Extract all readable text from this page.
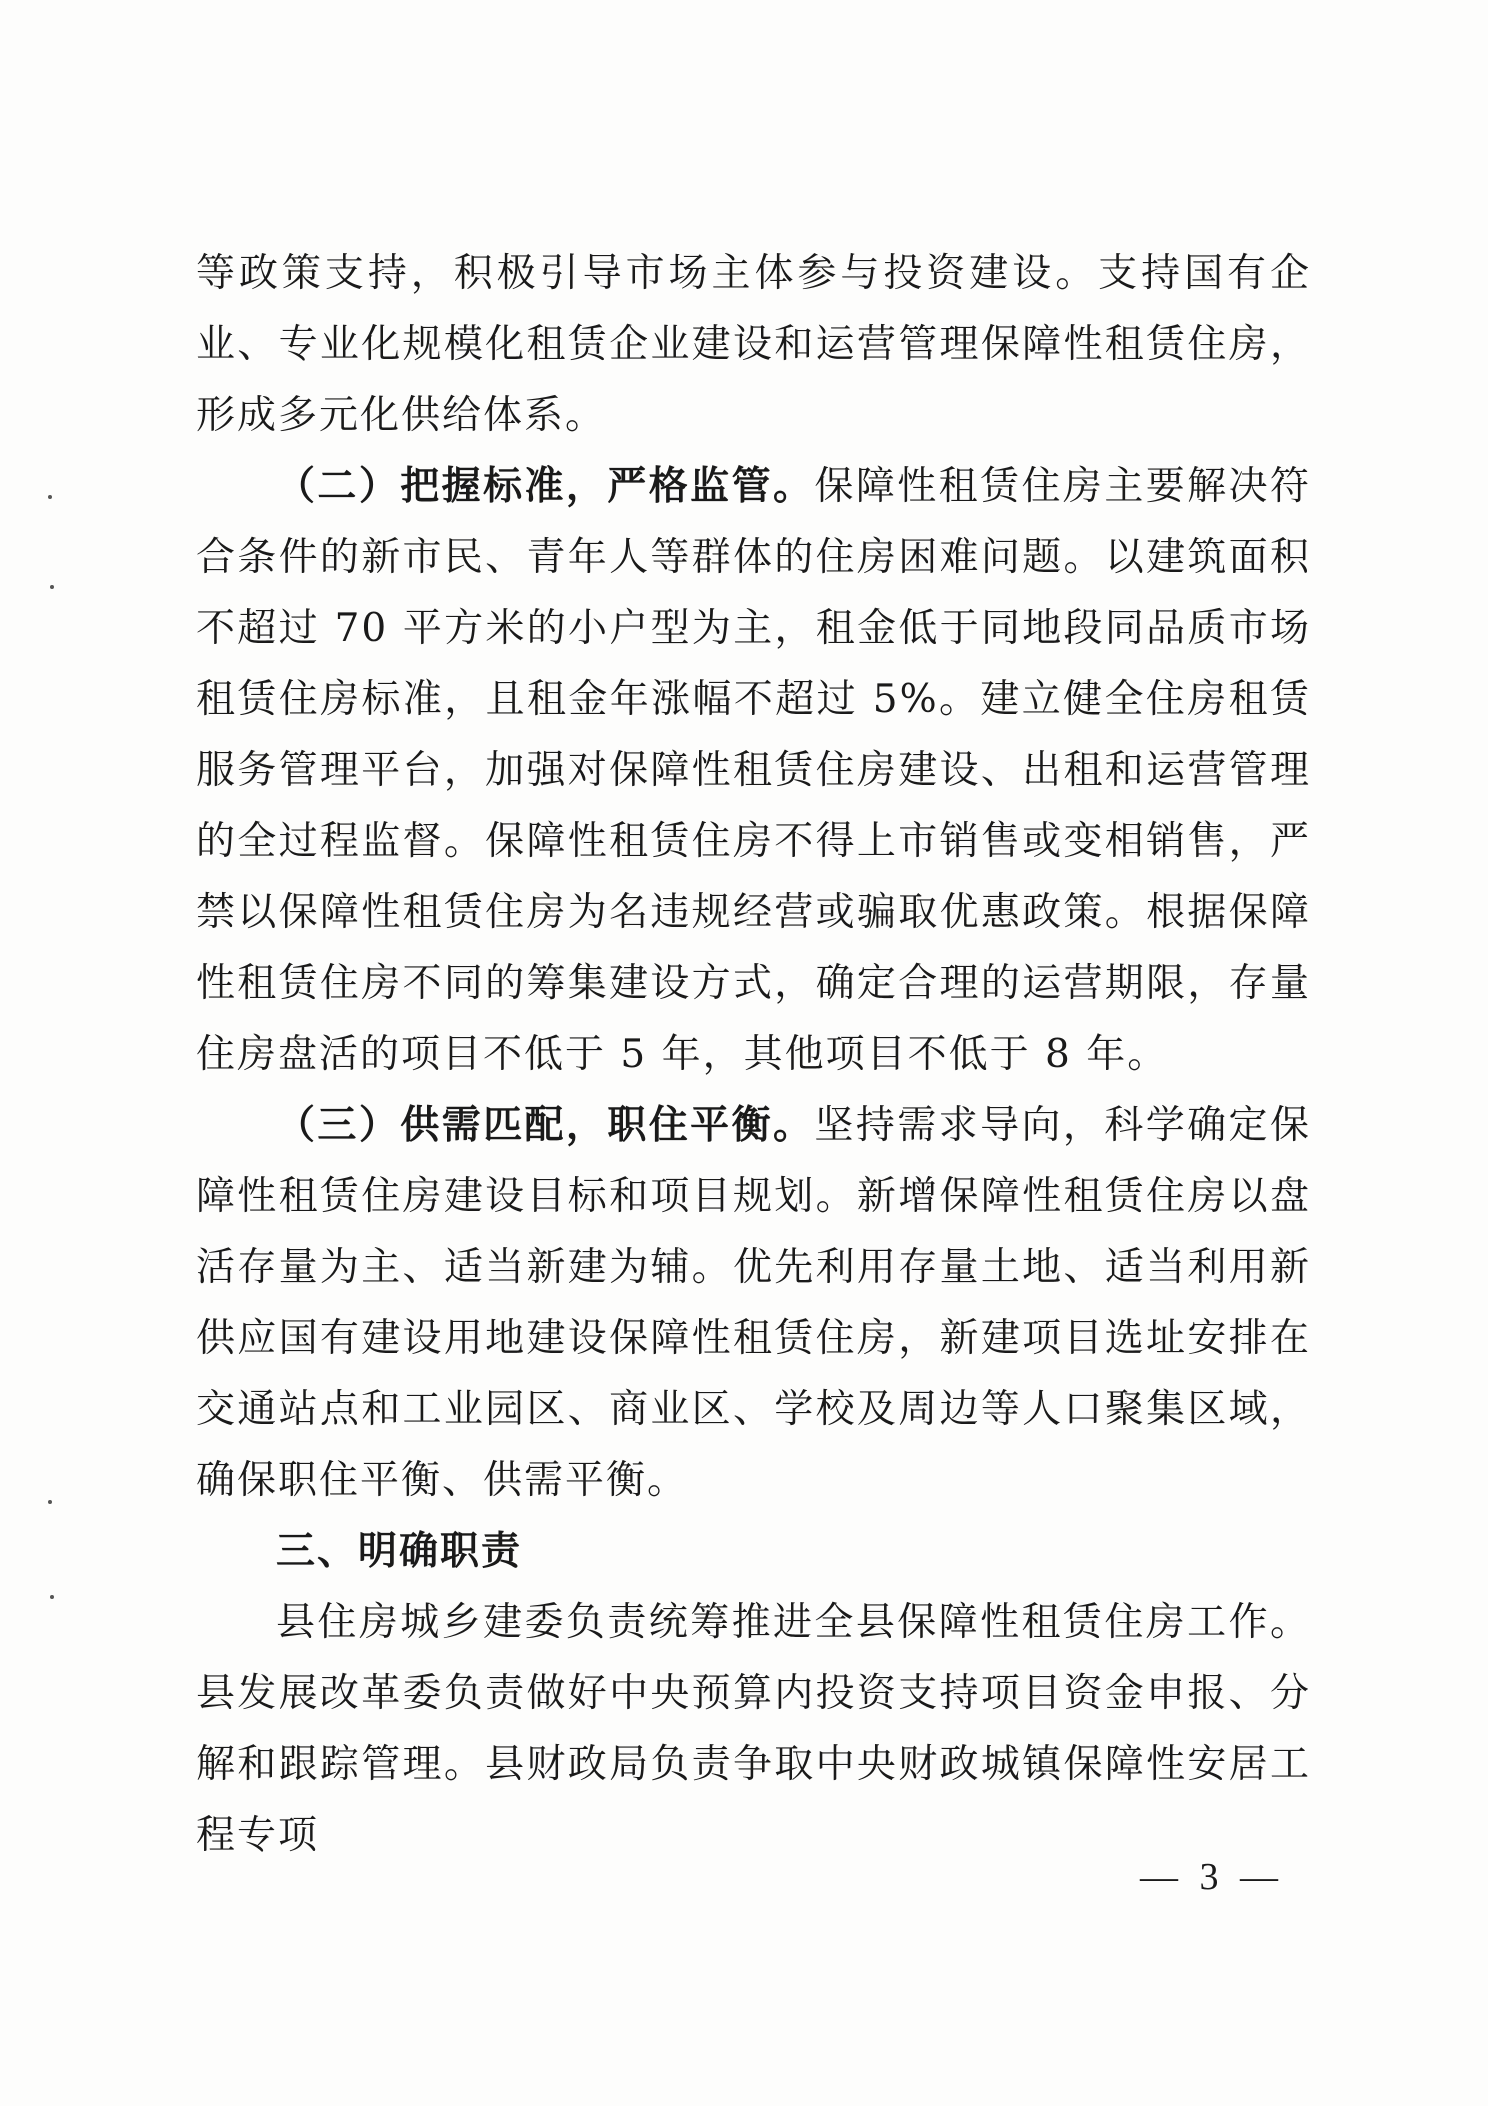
等政策支持，积极引导市场主体参与投资建设。支持国有企业、专业化规模化租赁企业建设和运营管理保障性租赁住房，形成多元化供给体系。

（二）把握标准，严格监管。保障性租赁住房主要解决符合条件的新市民、青年人等群体的住房困难问题。以建筑面积不超过 70 平方米的小户型为主，租金低于同地段同品质市场租赁住房标准，且租金年涨幅不超过 5%。建立健全住房租赁服务管理平台，加强对保障性租赁住房建设、出租和运营管理的全过程监督。保障性租赁住房不得上市销售或变相销售，严禁以保障性租赁住房为名违规经营或骗取优惠政策。根据保障性租赁住房不同的筹集建设方式，确定合理的运营期限，存量住房盘活的项目不低于 5 年，其他项目不低于 8 年。

（三）供需匹配，职住平衡。坚持需求导向，科学确定保障性租赁住房建设目标和项目规划。新增保障性租赁住房以盘活存量为主、适当新建为辅。优先利用存量土地、适当利用新供应国有建设用地建设保障性租赁住房，新建项目选址安排在交通站点和工业园区、商业区、学校及周边等人口聚集区域，确保职住平衡、供需平衡。

三、明确职责

县住房城乡建委负责统筹推进全县保障性租赁住房工作。县发展改革委负责做好中央预算内投资支持项目资金申报、分解和跟踪管理。县财政局负责争取中央财政城镇保障性安居工程专项

— 3 —
